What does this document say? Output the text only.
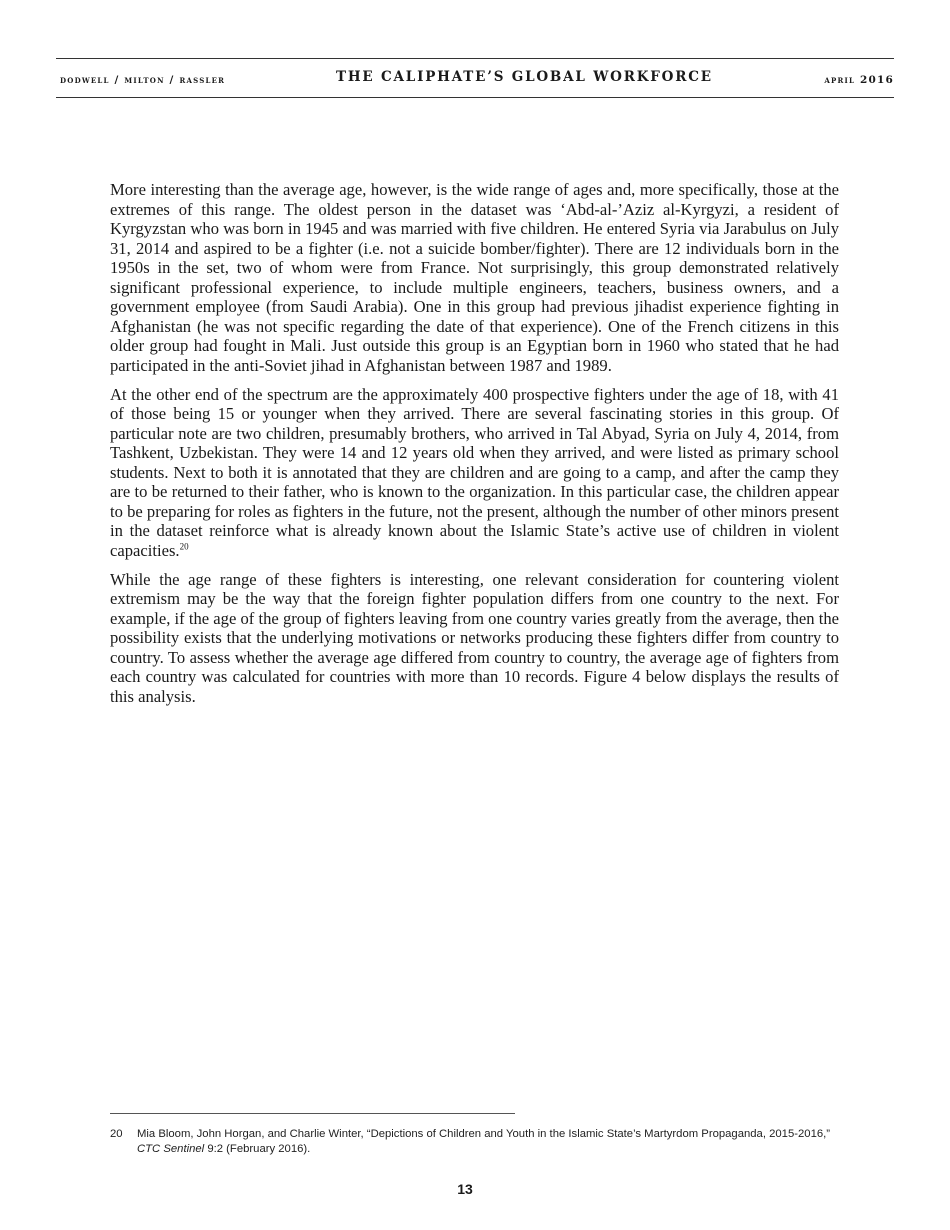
dodwell / milton / rassler	THE CALIPHATE’S GLOBAL WORKFORCE	april 2016

More interesting than the average age, however, is the wide range of ages and, more specifically, those at the extremes of this range. The oldest person in the dataset was ‘Abd-al-’Aziz al-Kyrgyzi, a resident of Kyrgyzstan who was born in 1945 and was married with five children. He entered Syria via Jarabulus on July 31, 2014 and aspired to be a fighter (i.e. not a suicide bomber/fighter). There are 12 individuals born in the 1950s in the set, two of whom were from France. Not surprisingly, this group demonstrated relatively significant professional experience, to include multiple engineers, teachers, business owners, and a government employee (from Saudi Arabia). One in this group had previous jihadist experience fighting in Afghanistan (he was not specific regarding the date of that experience). One of the French citizens in this older group had fought in Mali. Just outside this group is an Egyptian born in 1960 who stated that he had participated in the anti-Soviet jihad in Afghanistan between 1987 and 1989.

At the other end of the spectrum are the approximately 400 prospective fighters under the age of 18, with 41 of those being 15 or younger when they arrived. There are several fascinating stories in this group. Of particular note are two children, presumably brothers, who arrived in Tal Abyad, Syria on July 4, 2014, from Tashkent, Uzbekistan. They were 14 and 12 years old when they arrived, and were listed as primary school students. Next to both it is annotated that they are children and are going to a camp, and after the camp they are to be returned to their father, who is known to the organization. In this particular case, the children appear to be preparing for roles as fighters in the future, not the present, although the number of other minors present in the dataset reinforce what is already known about the Islamic State’s active use of children in violent capacities.$^{20}$

While the age range of these fighters is interesting, one relevant consideration for countering violent extremism may be the way that the foreign fighter population differs from one country to the next. For example, if the age of the group of fighters leaving from one country varies greatly from the average, then the possibility exists that the underlying motivations or networks producing these fighters differ from country to country. To assess whether the average age differed from country to country, the average age of fighters from each country was calculated for countries with more than 10 records. Figure 4 below displays the results of this analysis.

20 Mia Bloom, John Horgan, and Charlie Winter, “Depictions of Children and Youth in the Islamic State’s Martyrdom Propaganda, 2015-2016,” CTC Sentinel 9:2 (February 2016).
13
